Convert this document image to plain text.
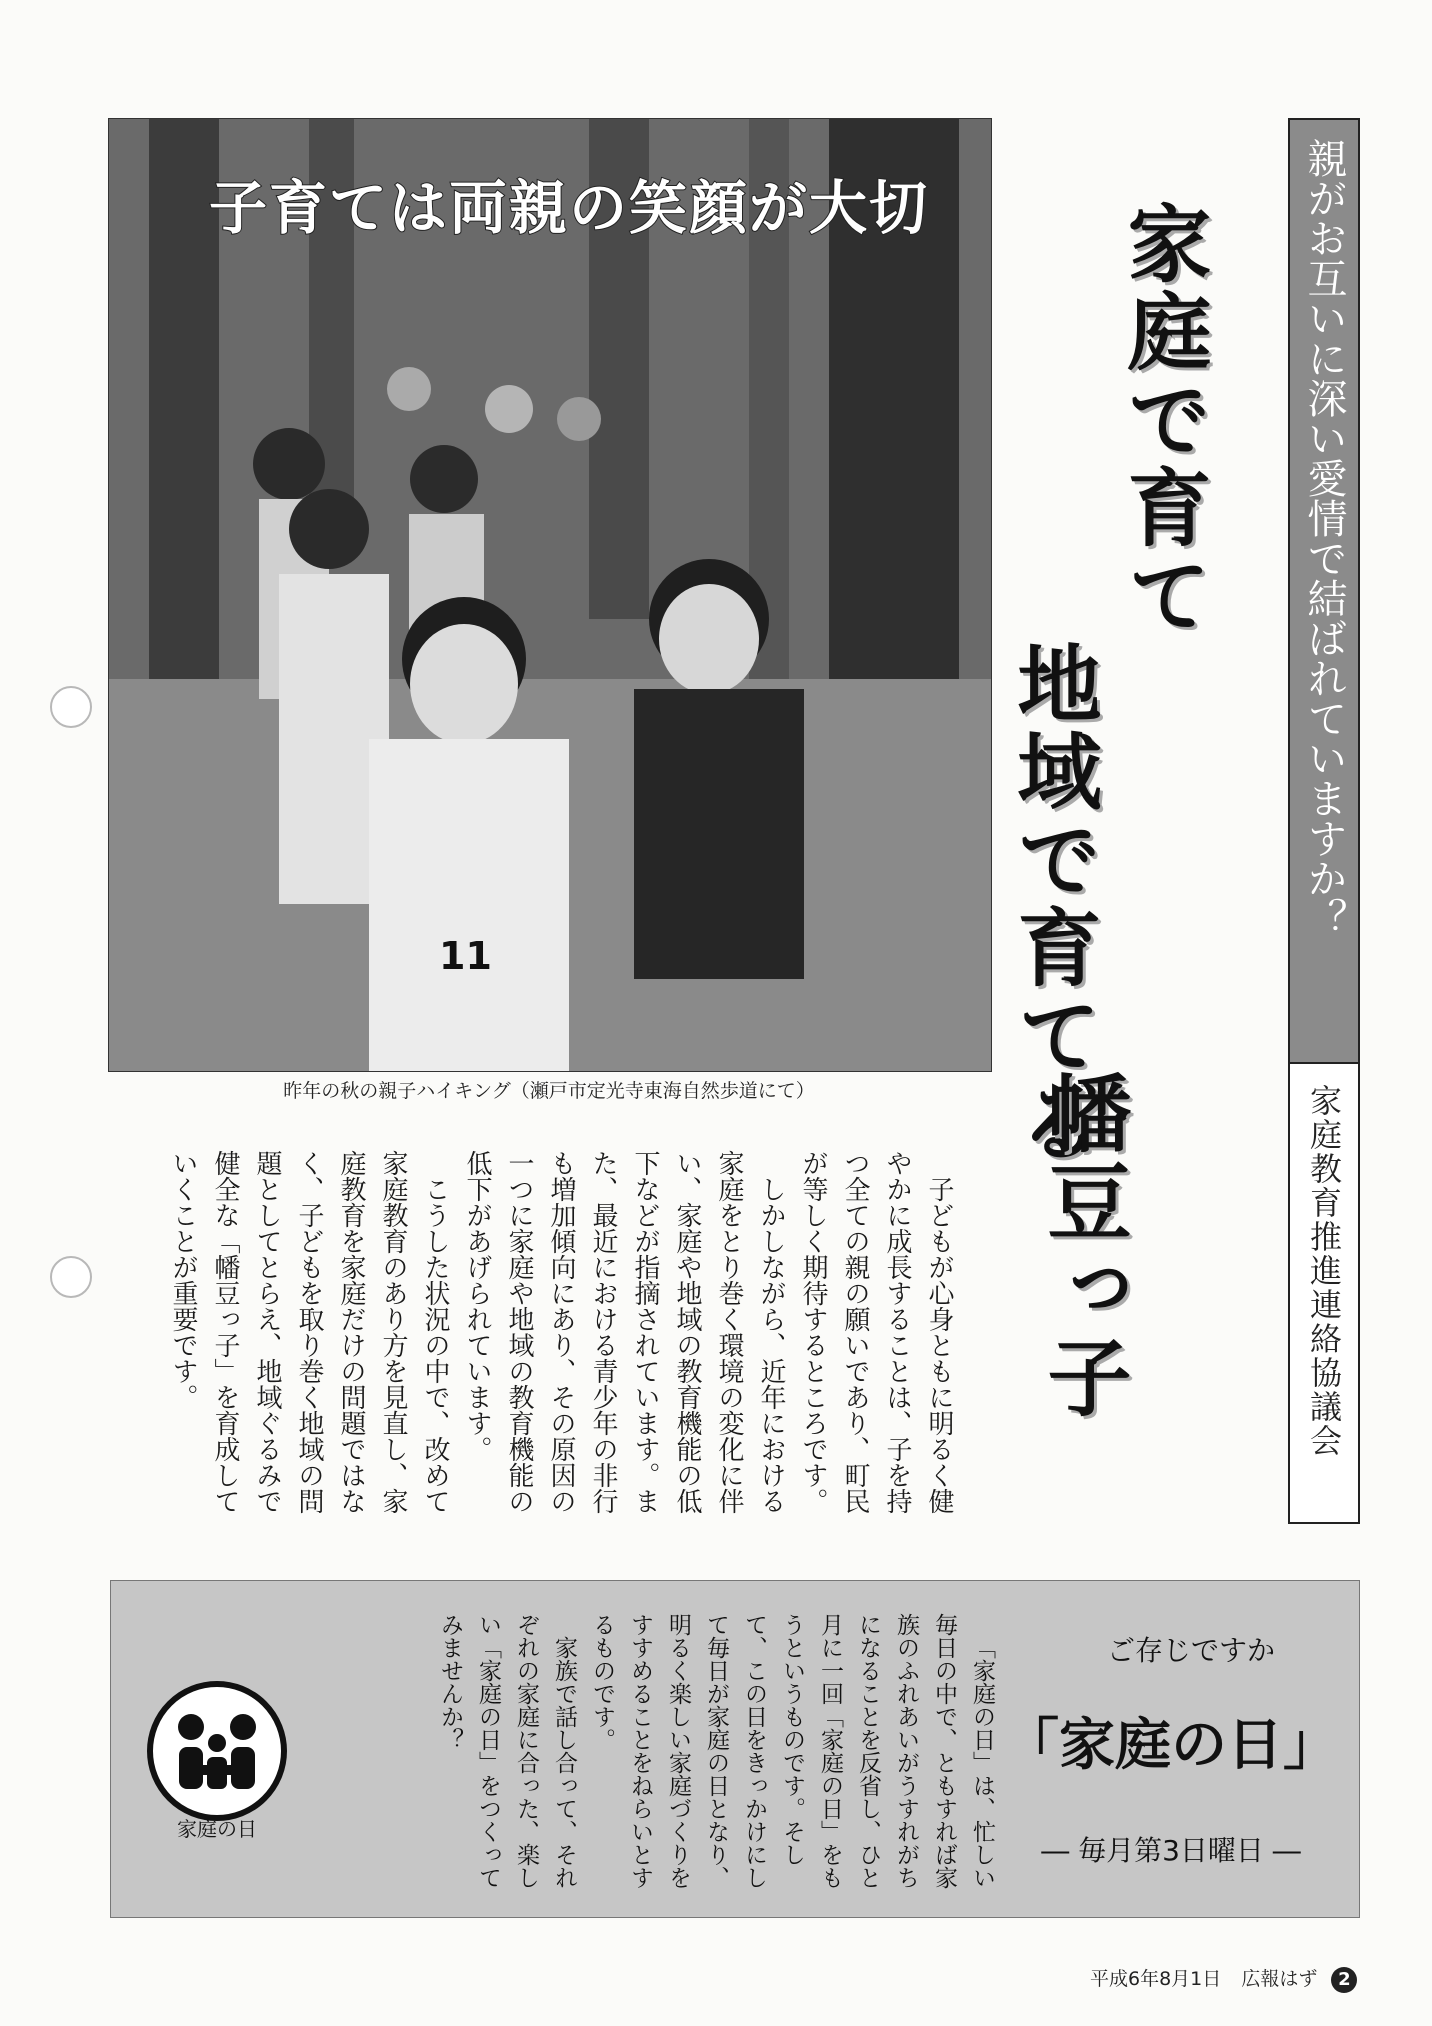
11
子育ては両親の笑顔が大切
昨年の秋の親子ハイキング（瀬戸市定光寺東海自然歩道にて）
親がお互いに深い愛情で結ばれていますか？
家庭教育推進連絡協議会
家庭で育て
地域で育てる
幡豆っ子

子どもが心身ともに明るく健やかに成長することは、子を持つ全ての親の願いであり、町民が等しく期待するところです。

しかしながら、近年における家庭をとり巻く環境の変化に伴い、家庭や地域の教育機能の低下などが指摘されています。また、最近における青少年の非行も増加傾向にあり、その原因の一つに家庭や地域の教育機能の低下があげられています。

こうした状況の中で、改めて家庭教育のあり方を見直し、家庭教育を家庭だけの問題ではなく、子どもを取り巻く地域の問題としてとらえ、地域ぐるみで健全な「幡豆っ子」を育成していくことが重要です。

家庭の日	「家庭の日」は、忙しい毎日の中で、ともすれば家族のふれあいがうすれがちになることを反省し、ひと月に一回「家庭の日」をもうというものです。そして、この日をきっかけにして毎日が家庭の日となり、明るく楽しい家庭づくりをすすめることをねらいとするものです。

家族で話し合って、それぞれの家庭に合った、楽しい「家庭の日」をつくってみませんか？	ご存じですか
「家庭の日」
― 毎月第3日曜日 ―
平成6年8月1日 広報はず 2
